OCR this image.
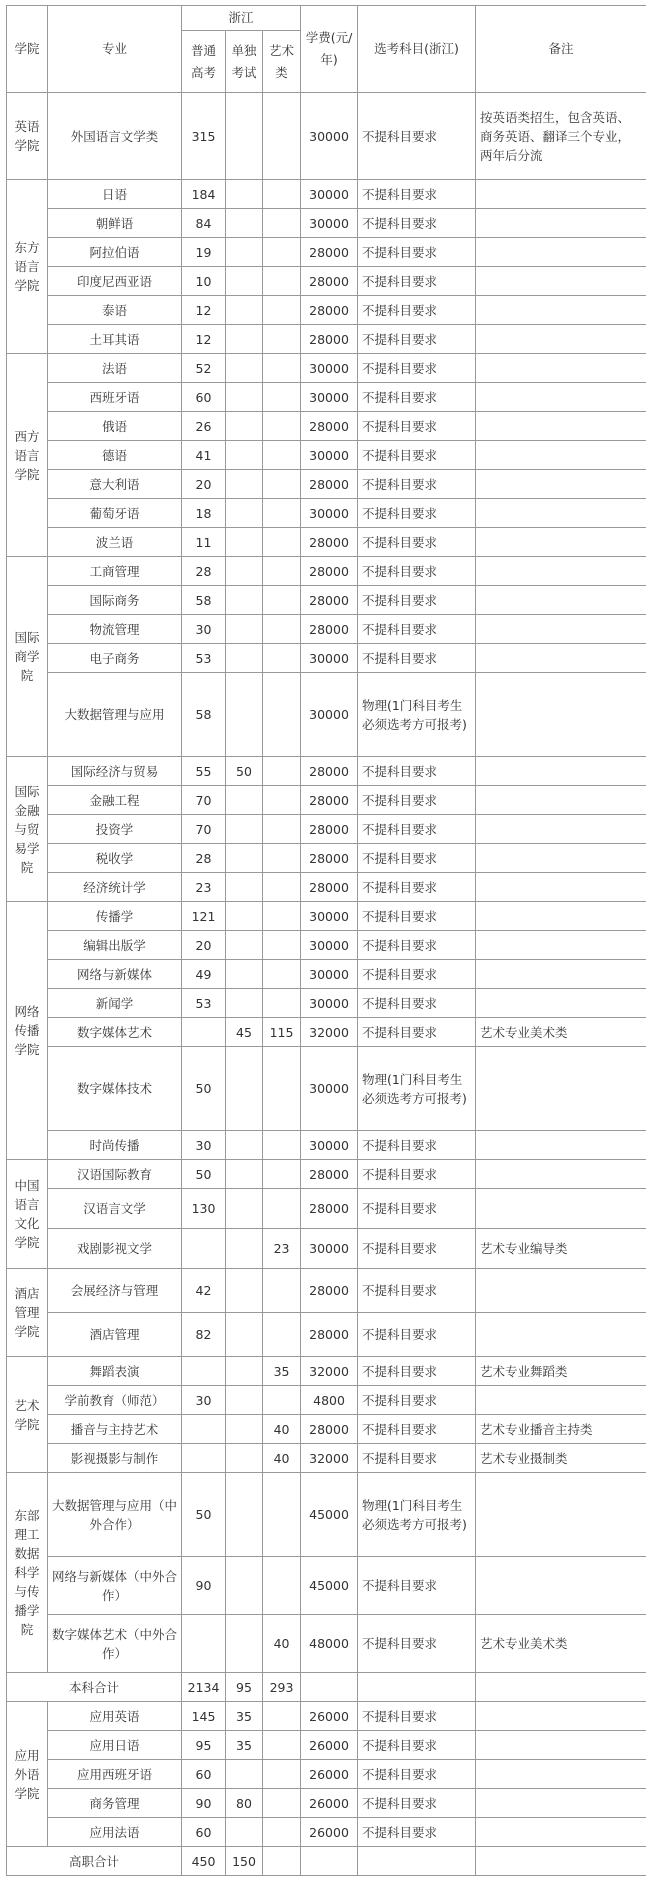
学院	专业	浙江			学费(元/年)	选考科目(浙江)	备注
		普通高考	单独考试	艺术类			
英语学院	外国语言文学类	315			30000	不提科目要求	按英语类招生，包含英语、商务英语、翻译三个专业，两年后分流
东方语言学院	日语	184			30000	不提科目要求	
	朝鲜语	84			30000	不提科目要求	
	阿拉伯语	19			28000	不提科目要求	
	印度尼西亚语	10			28000	不提科目要求	
	泰语	12			28000	不提科目要求	
	土耳其语	12			28000	不提科目要求	
西方语言学院	法语	52			30000	不提科目要求	
	西班牙语	60			30000	不提科目要求	
	俄语	26			28000	不提科目要求	
	德语	41			30000	不提科目要求	
	意大利语	20			28000	不提科目要求	
	葡萄牙语	18			30000	不提科目要求	
	波兰语	11			28000	不提科目要求	
国际商学院	工商管理	28			28000	不提科目要求	
	国际商务	58			28000	不提科目要求	
	物流管理	30			28000	不提科目要求	
	电子商务	53			30000	不提科目要求	
	大数据管理与应用	58			30000	物理(1门科目考生必须选考方可报考)	
国际金融与贸易学院	国际经济与贸易	55	50		28000	不提科目要求	
	金融工程	70			28000	不提科目要求	
	投资学	70			28000	不提科目要求	
	税收学	28			28000	不提科目要求	
	经济统计学	23			28000	不提科目要求	
网络传播学院	传播学	121			30000	不提科目要求	
	编辑出版学	20			30000	不提科目要求	
	网络与新媒体	49			30000	不提科目要求	
	新闻学	53			30000	不提科目要求	
	数字媒体艺术		45	115	32000	不提科目要求	艺术专业美术类
	数字媒体技术	50			30000	物理(1门科目考生必须选考方可报考)	
	时尚传播	30			30000	不提科目要求	
中国语言文化学院	汉语国际教育	50			28000	不提科目要求	
	汉语言文学	130			28000	不提科目要求	
	戏剧影视文学			23	30000	不提科目要求	艺术专业编导类
酒店管理学院	会展经济与管理	42			28000	不提科目要求	
	酒店管理	82			28000	不提科目要求	
艺术学院	舞蹈表演			35	32000	不提科目要求	艺术专业舞蹈类
	学前教育（师范）	30			4800	不提科目要求	
	播音与主持艺术			40	28000	不提科目要求	艺术专业播音主持类
	影视摄影与制作			40	32000	不提科目要求	艺术专业摄制类
东部理工数据科学与传播学院	大数据管理与应用（中外合作）	50			45000	物理(1门科目考生必须选考方可报考)	
	网络与新媒体（中外合作）	90			45000	不提科目要求	
	数字媒体艺术（中外合作）			40	48000	不提科目要求	艺术专业美术类
本科合计		2134	95	293			
应用外语学院	应用英语	145	35		26000	不提科目要求	
	应用日语	95	35		26000	不提科目要求	
	应用西班牙语	60			26000	不提科目要求	
	商务管理	90	80		26000	不提科目要求	
	应用法语	60			26000	不提科目要求	
高职合计		450	150				
